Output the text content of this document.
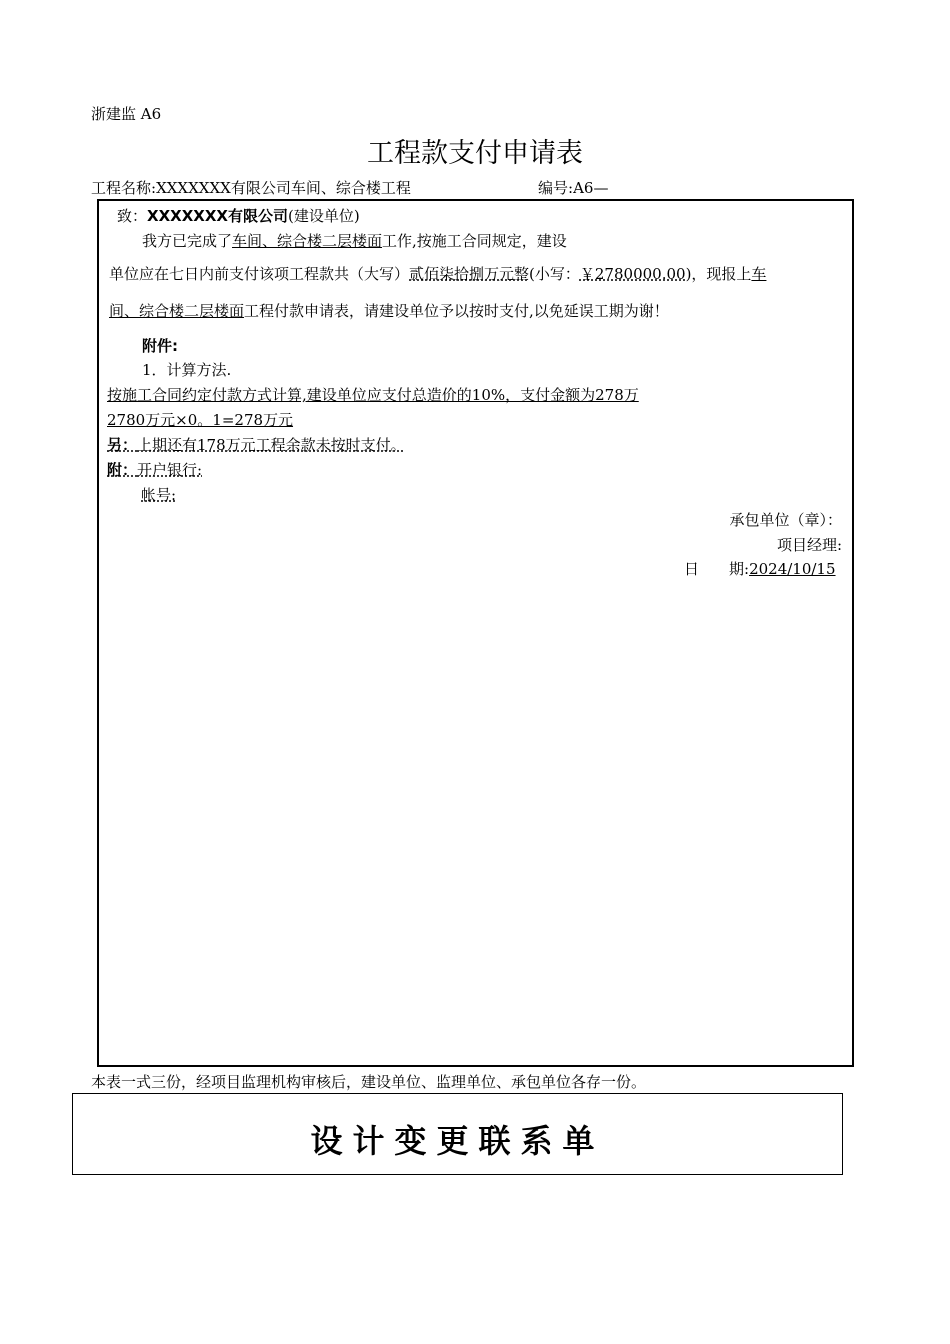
浙建监 A6
工程款支付申请表
工程名称:XXXXXXX有限公司车间、综合楼工程	编号:A6—
致：XXXXXXX有限公司(建设单位)
我方已完成了车间、综合楼二层楼面工作,按施工合同规定，建设
单位应在七日内前支付该项工程款共（大写）贰佰柒拾捌万元整(小写：￥2780000.00)，现报上车
间、综合楼二层楼面工程付款申请表，请建设单位予以按时支付,以免延误工期为谢！
附件:
1．计算方法.
按施工合同约定付款方式计算,建设单位应支付总造价的10%，支付金额为278万
2780万元×0。1=278万元
另：上期还有178万元工程余款未按时支付。
附：开户银行:
帐号:
承包单位（章）：
项目经理:
日　　期:2024/10/15
本表一式三份，经项目监理机构审核后，建设单位、监理单位、承包单位各存一份。
设计变更联系单
